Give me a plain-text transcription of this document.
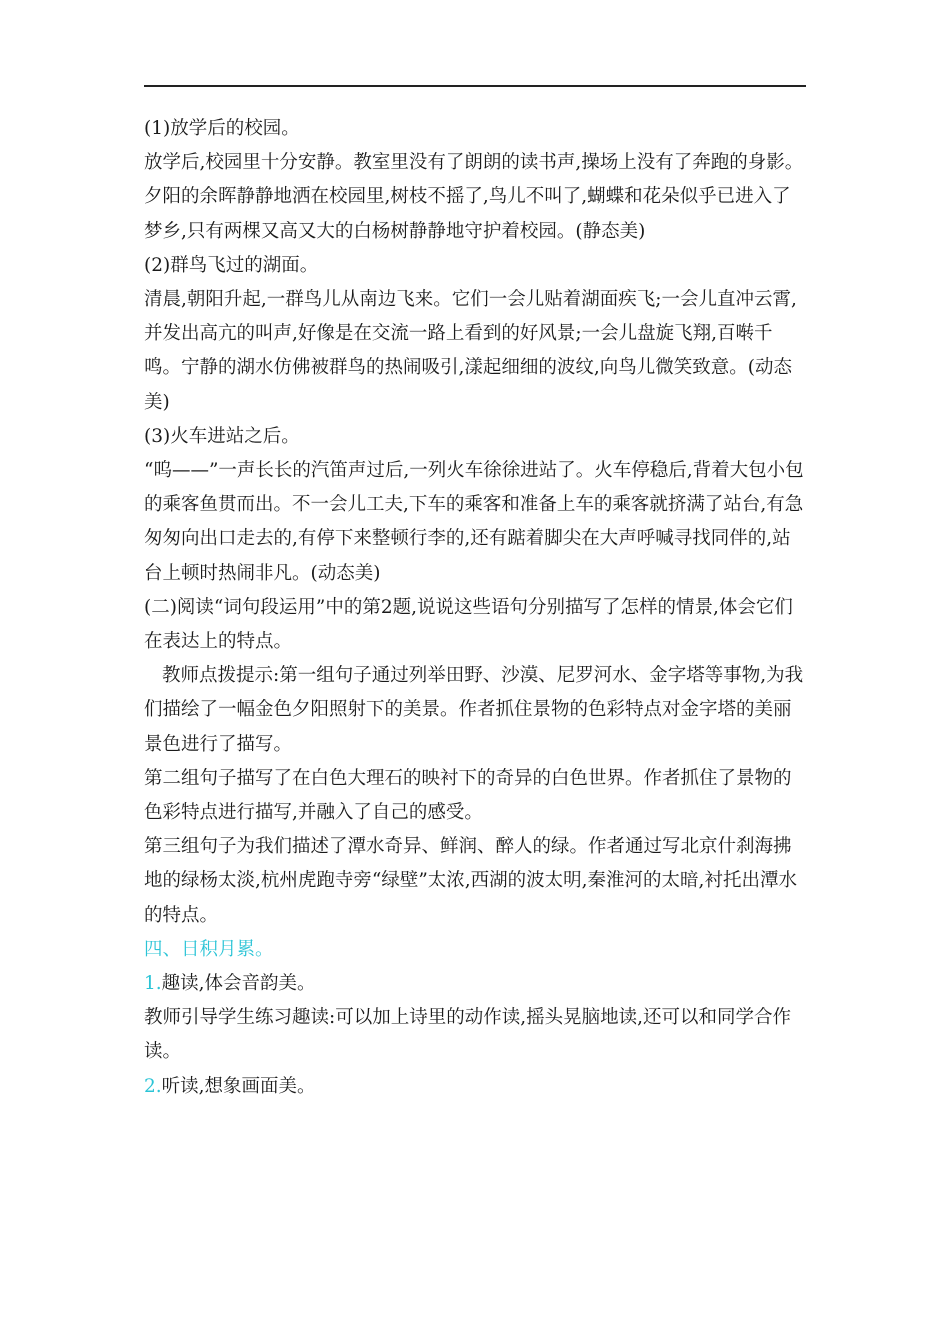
(1)放学后的校园。

放学后,校园里十分安静。教室里没有了朗朗的读书声,操场上没有了奔跑的身影。夕阳的余晖静静地洒在校园里,树枝不摇了,鸟儿不叫了,蝴蝶和花朵似乎已进入了梦乡,只有两棵又高又大的白杨树静静地守护着校园。(静态美)

(2)群鸟飞过的湖面。

清晨,朝阳升起,一群鸟儿从南边飞来。它们一会儿贴着湖面疾飞;一会儿直冲云霄,并发出高亢的叫声,好像是在交流一路上看到的好风景;一会儿盘旋飞翔,百啭千鸣。宁静的湖水仿佛被群鸟的热闹吸引,漾起细细的波纹,向鸟儿微笑致意。(动态美)

(3)火车进站之后。

“呜——”一声长长的汽笛声过后,一列火车徐徐进站了。火车停稳后,背着大包小包的乘客鱼贯而出。不一会儿工夫,下车的乘客和准备上车的乘客就挤满了站台,有急匆匆向出口走去的,有停下来整顿行李的,还有踮着脚尖在大声呼喊寻找同伴的,站台上顿时热闹非凡。(动态美)

(二)阅读“词句段运用”中的第2题,说说这些语句分别描写了怎样的情景,体会它们在表达上的特点。

教师点拨提示:第一组句子通过列举田野、沙漠、尼罗河水、金字塔等事物,为我们描绘了一幅金色夕阳照射下的美景。作者抓住景物的色彩特点对金字塔的美丽景色进行了描写。

第二组句子描写了在白色大理石的映衬下的奇异的白色世界。作者抓住了景物的色彩特点进行描写,并融入了自己的感受。

第三组句子为我们描述了潭水奇异、鲜润、醉人的绿。作者通过写北京什刹海拂地的绿杨太淡,杭州虎跑寺旁“绿壁”太浓,西湖的波太明,秦淮河的太暗,衬托出潭水的特点。

四、日积月累。

1.趣读,体会音韵美。

教师引导学生练习趣读:可以加上诗里的动作读,摇头晃脑地读,还可以和同学合作读。

2.听读,想象画面美。
